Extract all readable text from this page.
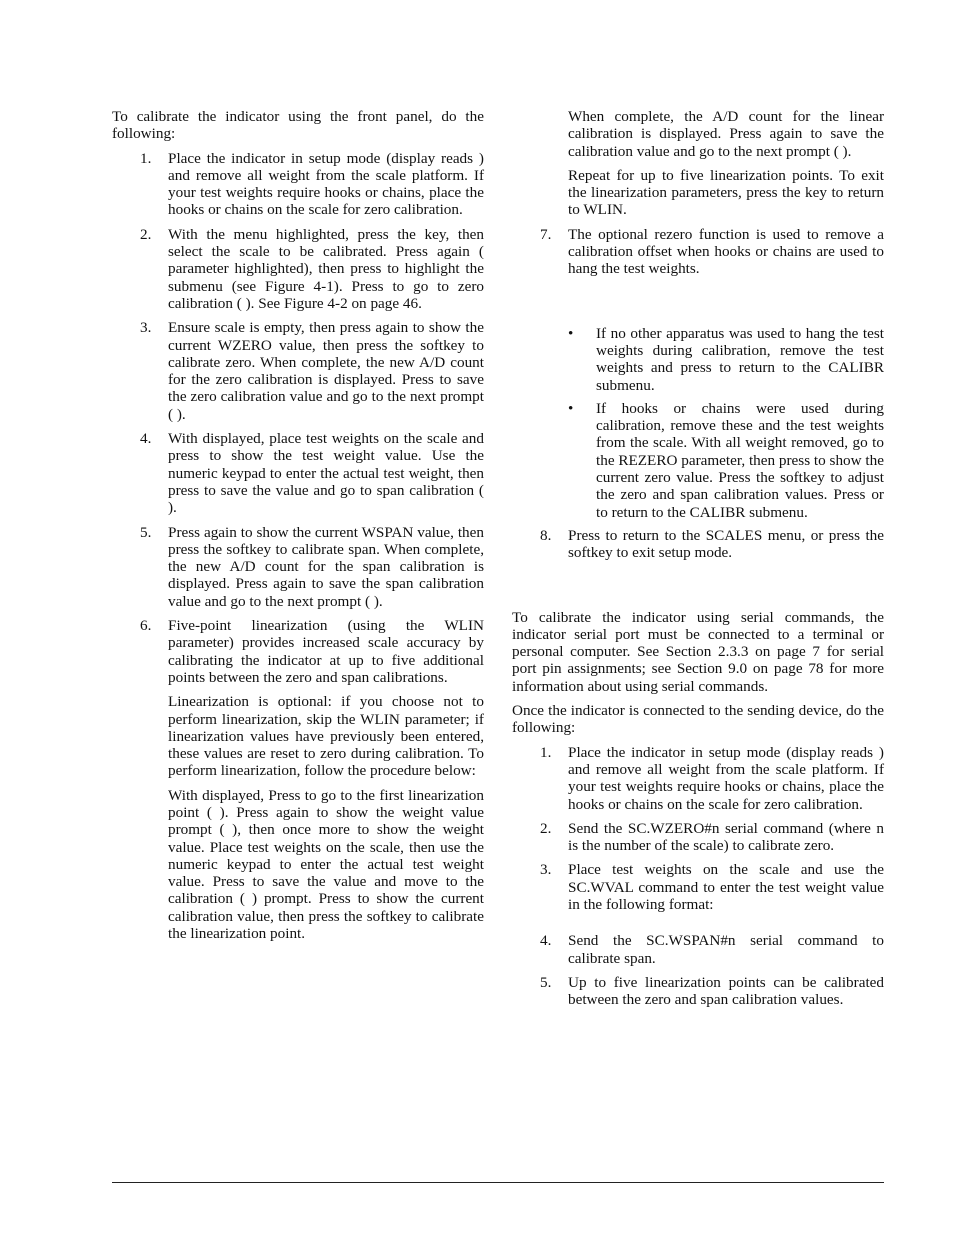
To calibrate the indicator using the front panel, do the following:

1. Place the indicator in setup mode (display reads ) and remove all weight from the scale platform. If your test weights require hooks or chains, place the hooks or chains on the scale for zero calibration.

2. With the menu highlighted, press the key, then select the scale to be calibrated. Press again ( parameter highlighted), then press to highlight the submenu (see Figure 4-1). Press to go to zero calibration ( ). See Figure 4-2 on page 46.

3. Ensure scale is empty, then press again to show the current WZERO value, then press the softkey to calibrate zero. When complete, the new A/D count for the zero calibration is displayed. Press to save the zero calibration value and go to the next prompt ( ).

4. With displayed, place test weights on the scale and press to show the test weight value. Use the numeric keypad to enter the actual test weight, then press to save the value and go to span calibration ( ).

5. Press again to show the current WSPAN value, then press the softkey to calibrate span. When complete, the new A/D count for the span calibration is displayed. Press again to save the span calibration value and go to the next prompt ( ).

6. Five-point linearization (using the WLIN parameter) provides increased scale accuracy by calibrating the indicator at up to five additional points between the zero and span calibrations.

Linearization is optional: if you choose not to perform linearization, skip the WLIN parameter; if linearization values have previously been entered, these values are reset to zero during calibration. To perform linearization, follow the procedure below:

With displayed, Press to go to the first linearization point ( ). Press again to show the weight value prompt ( ), then once more to show the weight value. Place test weights on the scale, then use the numeric keypad to enter the actual test weight value. Press to save the value and move to the calibration ( ) prompt. Press to show the current calibration value, then press the softkey to calibrate the linearization point.

When complete, the A/D count for the linear calibration is displayed. Press again to save the calibration value and go to the next prompt ( ).

Repeat for up to five linearization points. To exit the linearization parameters, press the key to return to WLIN.

7. The optional rezero function is used to remove a calibration offset when hooks or chains are used to hang the test weights.

• If no other apparatus was used to hang the test weights during calibration, remove the test weights and press to return to the CALIBR submenu.

• If hooks or chains were used during calibration, remove these and the test weights from the scale. With all weight removed, go to the REZERO parameter, then press to show the current zero value. Press the softkey to adjust the zero and span calibration values. Press or to return to the CALIBR submenu.

8. Press to return to the SCALES menu, or press the softkey to exit setup mode.

To calibrate the indicator using serial commands, the indicator serial port must be connected to a terminal or personal computer. See Section 2.3.3 on page 7 for serial port pin assignments; see Section 9.0 on page 78 for more information about using serial commands.

Once the indicator is connected to the sending device, do the following:

1. Place the indicator in setup mode (display reads ) and remove all weight from the scale platform. If your test weights require hooks or chains, place the hooks or chains on the scale for zero calibration.

2. Send the SC.WZERO#n serial command (where n is the number of the scale) to calibrate zero.

3. Place test weights on the scale and use the SC.WVAL command to enter the test weight value in the following format:

4. Send the SC.WSPAN#n serial command to calibrate span.

5. Up to five linearization points can be calibrated between the zero and span calibration values.
